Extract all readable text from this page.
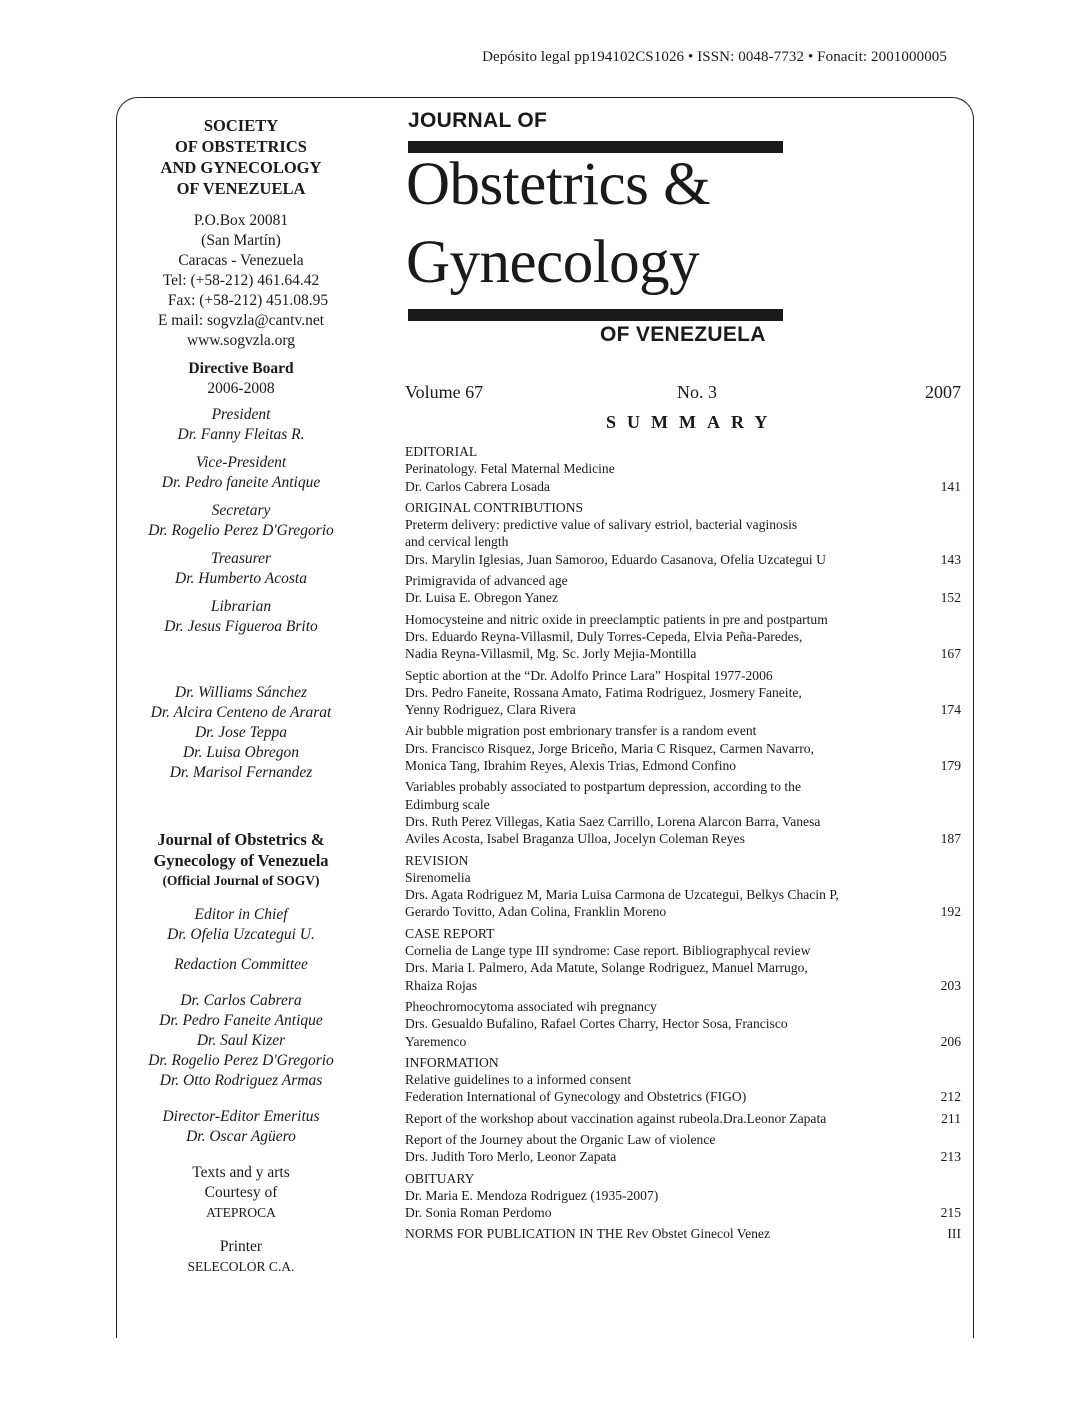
Depósito legal pp194102CS1026 • ISSN: 0048-7732 • Fonacit: 2001000005
SOCIETY
OF OBSTETRICS
AND GYNECOLOGY
OF VENEZUELA
P.O.Box 20081
(San Martín)
Caracas - Venezuela
Tel: (+58-212) 461.64.42
Fax: (+58-212) 451.08.95
E mail: sogvzla@cantv.net
www.sogvzla.org
Directive Board
2006-2008
President
Dr. Fanny Fleitas R.
Vice-President
Dr. Pedro faneite Antique
Secretary
Dr. Rogelio Perez D'Gregorio
Treasurer
Dr. Humberto Acosta
Librarian
Dr. Jesus Figueroa Brito
Dr. Williams Sánchez
Dr. Alcira Centeno de Ararat
Dr. Jose Teppa
Dr. Luisa Obregon
Dr. Marisol Fernandez
Journal of Obstetrics &
Gynecology of Venezuela
(Official Journal of SOGV)
Editor in Chief
Dr. Ofelia Uzcategui U.
Redaction Committee
Dr. Carlos Cabrera
Dr. Pedro Faneite Antique
Dr. Saul Kizer
Dr. Rogelio Perez D'Gregorio
Dr. Otto Rodriguez Armas
Director-Editor Emeritus
Dr. Oscar Agüero
Texts and y arts
Courtesy of
ATEPROCA
Printer
SELECOLOR C.A.
JOURNAL OF
Obstetrics &
Gynecology
OF VENEZUELA
Volume 67	No. 3	2007
SUMMARY
EDITORIAL
Perinatology. Fetal Maternal Medicine
Dr. Carlos Cabrera Losada	141
ORIGINAL CONTRIBUTIONS
Preterm delivery: predictive value of salivary estriol, bacterial vaginosis
and cervical length
Drs. Marylin Iglesias, Juan Samoroo, Eduardo Casanova, Ofelia Uzcategui U	143
Primigravida of advanced age
Dr. Luisa E. Obregon Yanez	152
Homocysteine and nitric oxide in preeclamptic patients in pre and postpartum
Drs. Eduardo Reyna-Villasmil, Duly Torres-Cepeda, Elvia Peña-Paredes,
Nadia Reyna-Villasmil, Mg. Sc. Jorly Mejia-Montilla	167
Septic abortion at the “Dr. Adolfo Prince Lara” Hospital 1977-2006
Drs. Pedro Faneite, Rossana Amato, Fatima Rodriguez, Josmery Faneite,
Yenny Rodriguez, Clara Rivera	174
Air bubble migration post embrionary transfer is a random event
Drs. Francisco Risquez, Jorge Briceño, Maria C Risquez, Carmen Navarro,
Monica Tang, Ibrahim Reyes, Alexis Trias, Edmond Confino	179
Variables probably associated to postpartum depression, according to the
Edimburg scale
Drs. Ruth Perez Villegas, Katia Saez Carrillo, Lorena Alarcon Barra, Vanesa
Aviles Acosta, Isabel Braganza Ulloa, Jocelyn Coleman Reyes	187
REVISION
Sirenomelia
Drs. Agata Rodriguez M, Maria Luisa Carmona de Uzcategui, Belkys Chacin P,
Gerardo Tovitto, Adan Colina, Franklin Moreno	192
CASE REPORT
Cornelia de Lange type III syndrome: Case report. Bibliographycal review
Drs. Maria I. Palmero, Ada Matute, Solange Rodriguez, Manuel Marrugo,
Rhaiza Rojas	203
Pheochromocytoma associated wih pregnancy
Drs. Gesualdo Bufalino, Rafael Cortes Charry, Hector Sosa, Francisco
Yaremenco	206
INFORMATION
Relative guidelines to a informed consent
Federation International of Gynecology and Obstetrics (FIGO)	212
Report of the workshop about vaccination against rubeola.Dra.Leonor Zapata	211
Report of the Journey about the Organic Law of violence
Drs. Judith Toro Merlo, Leonor Zapata	213
OBITUARY
Dr. Maria E. Mendoza Rodriguez (1935-2007)
Dr. Sonia Roman Perdomo	215
NORMS FOR PUBLICATION IN THE Rev Obstet Ginecol Venez	III
